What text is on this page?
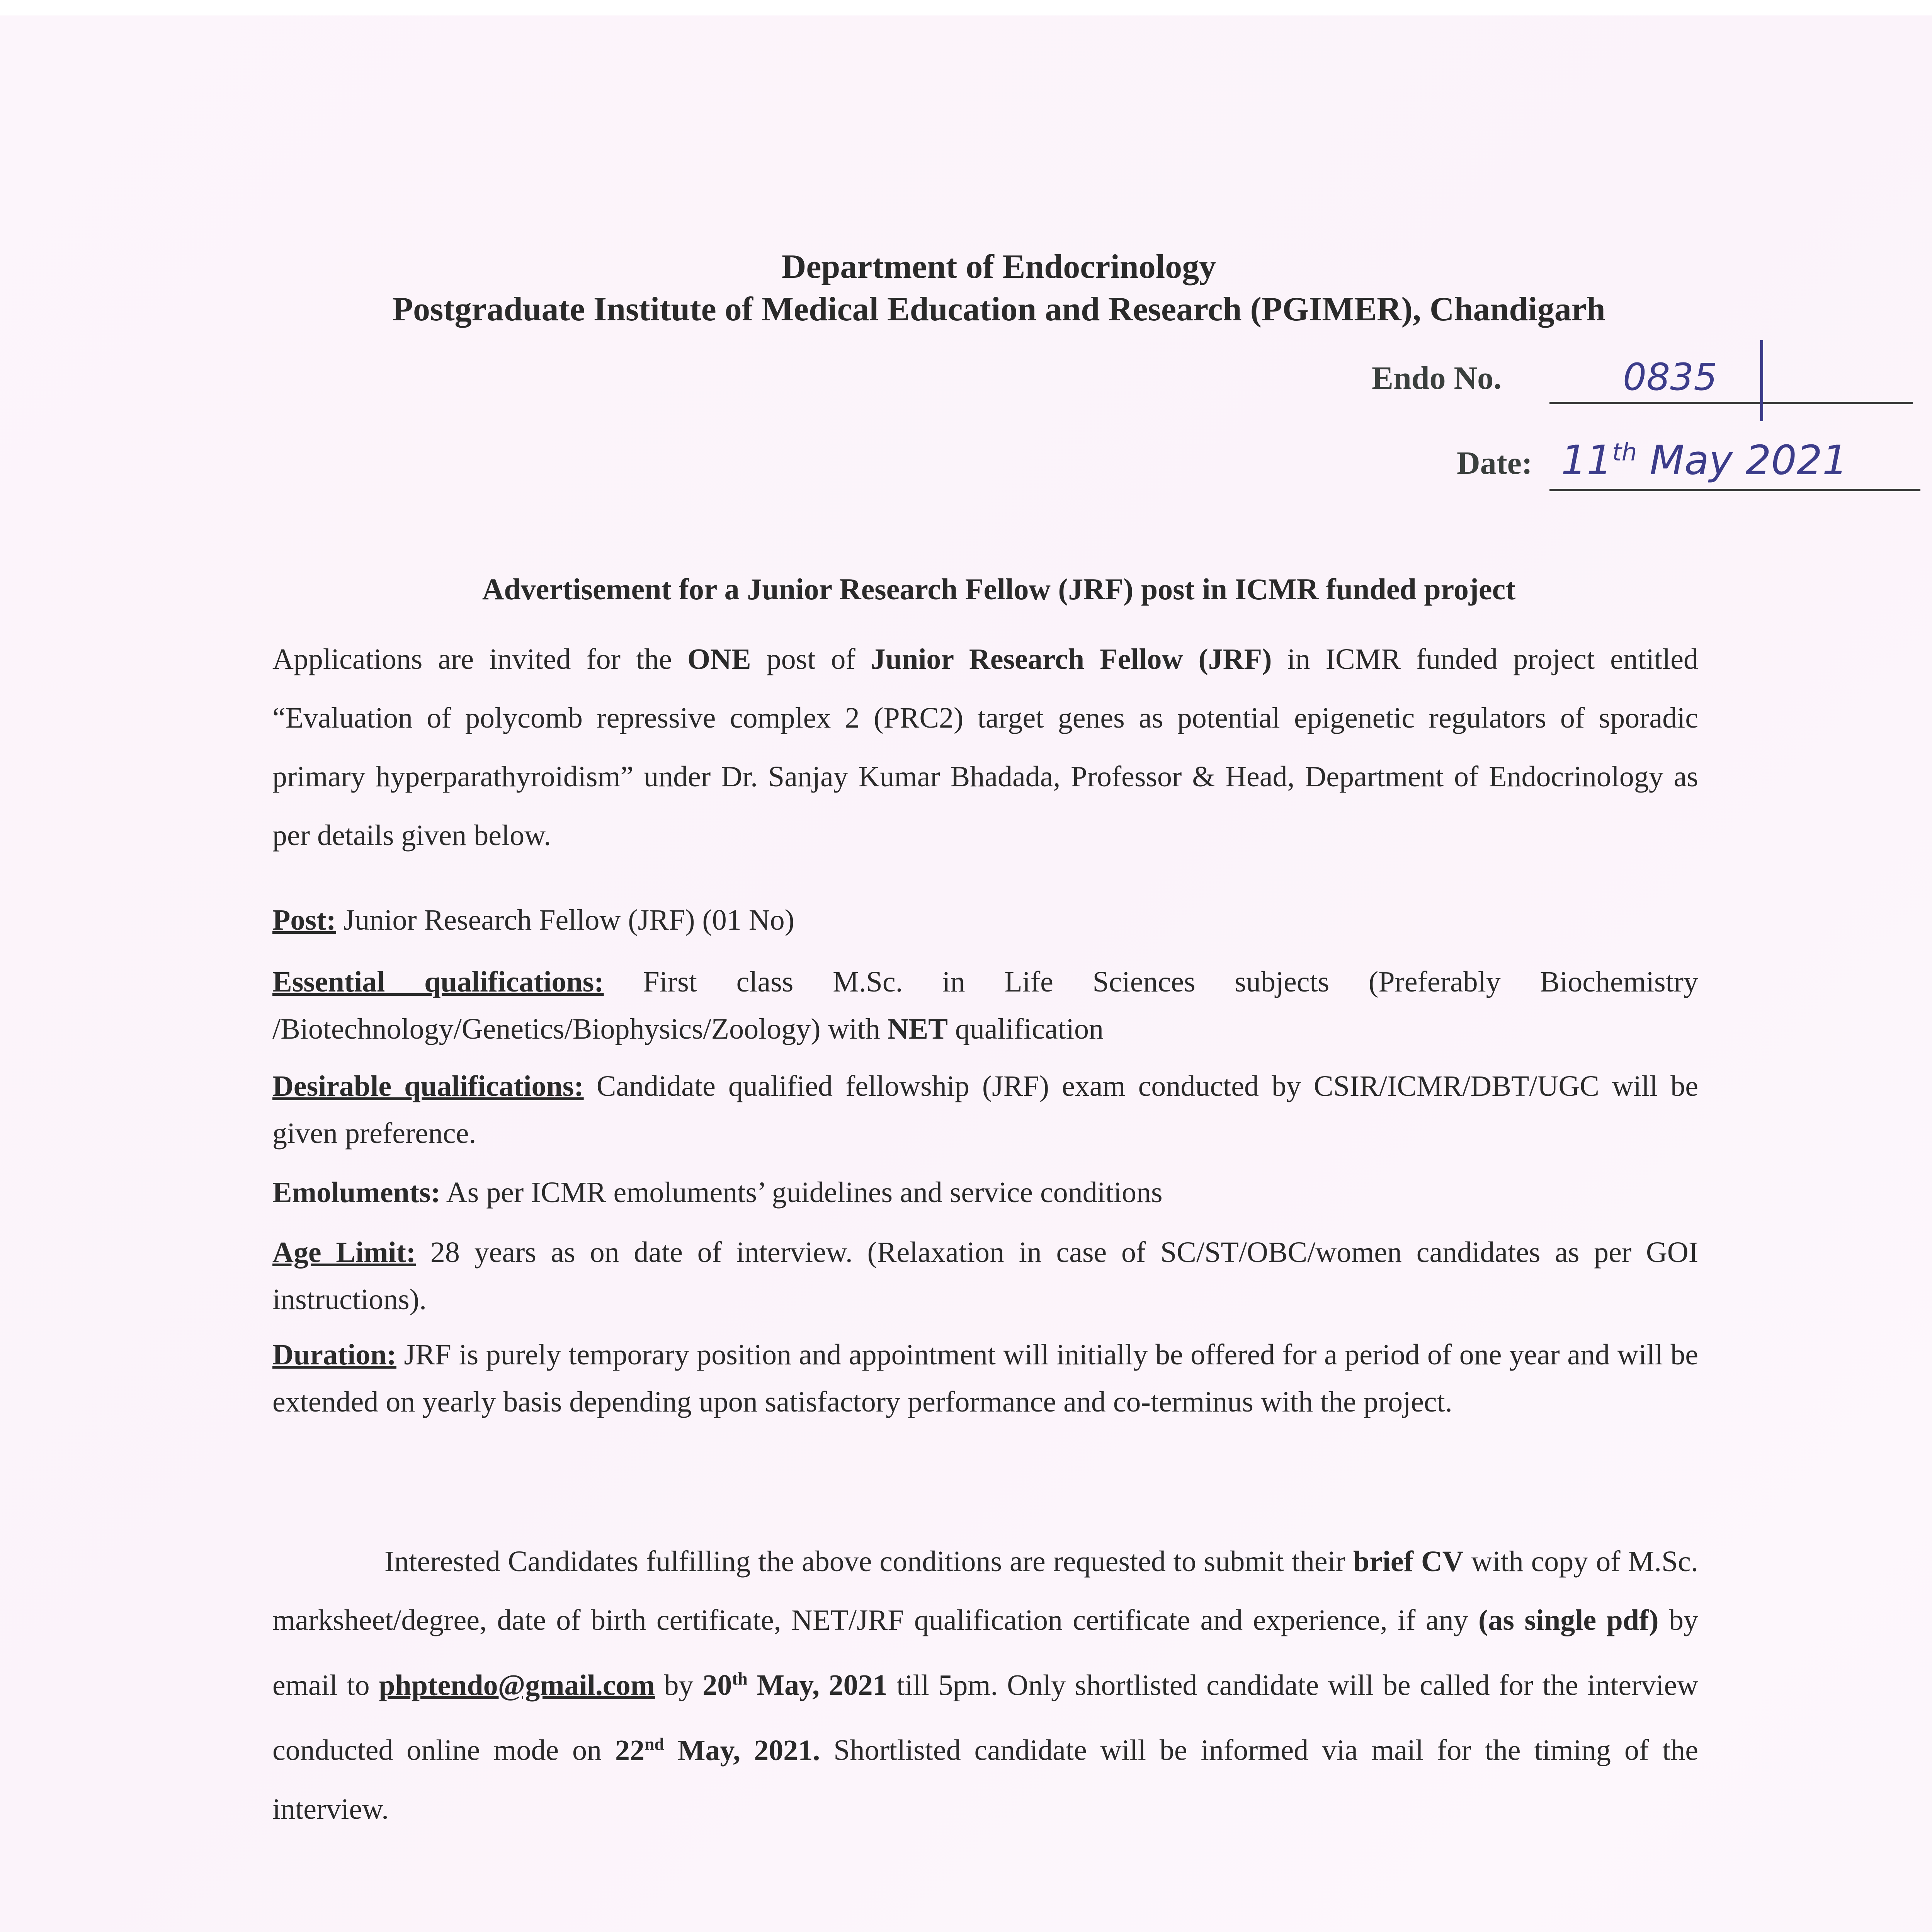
Department of Endocrinology
Postgraduate Institute of Medical Education and Research (PGIMER), Chandigarh
Endo No.	0835
Date: 11th May 2021
Advertisement for a Junior Research Fellow (JRF) post in ICMR funded project
Applications are invited for the ONE post of Junior Research Fellow (JRF) in ICMR funded project entitled “Evaluation of polycomb repressive complex 2 (PRC2) target genes as potential epigenetic regulators of sporadic primary hyperparathyroidism” under Dr. Sanjay Kumar Bhadada, Professor & Head, Department of Endocrinology as per details given below.
Post: Junior Research Fellow (JRF) (01 No)
Essential qualifications: First class M.Sc. in Life Sciences subjects (Preferably Biochemistry /Biotechnology/Genetics/Biophysics/Zoology) with NET qualification
Desirable qualifications: Candidate qualified fellowship (JRF) exam conducted by CSIR/ICMR/DBT/UGC will be given preference.
Emoluments: As per ICMR emoluments’ guidelines and service conditions
Age Limit: 28 years as on date of interview. (Relaxation in case of SC/ST/OBC/women candidates as per GOI instructions).
Duration: JRF is purely temporary position and appointment will initially be offered for a period of one year and will be extended on yearly basis depending upon satisfactory performance and co-terminus with the project.
Interested Candidates fulfilling the above conditions are requested to submit their brief CV with copy of M.Sc. marksheet/degree, date of birth certificate, NET/JRF qualification certificate and experience, if any (as single pdf) by email to phptendo@gmail.com by 20th May, 2021 till 5pm. Only shortlisted candidate will be called for the interview conducted online mode on 22nd May, 2021. Shortlisted candidate will be informed via mail for the timing of the interview.
